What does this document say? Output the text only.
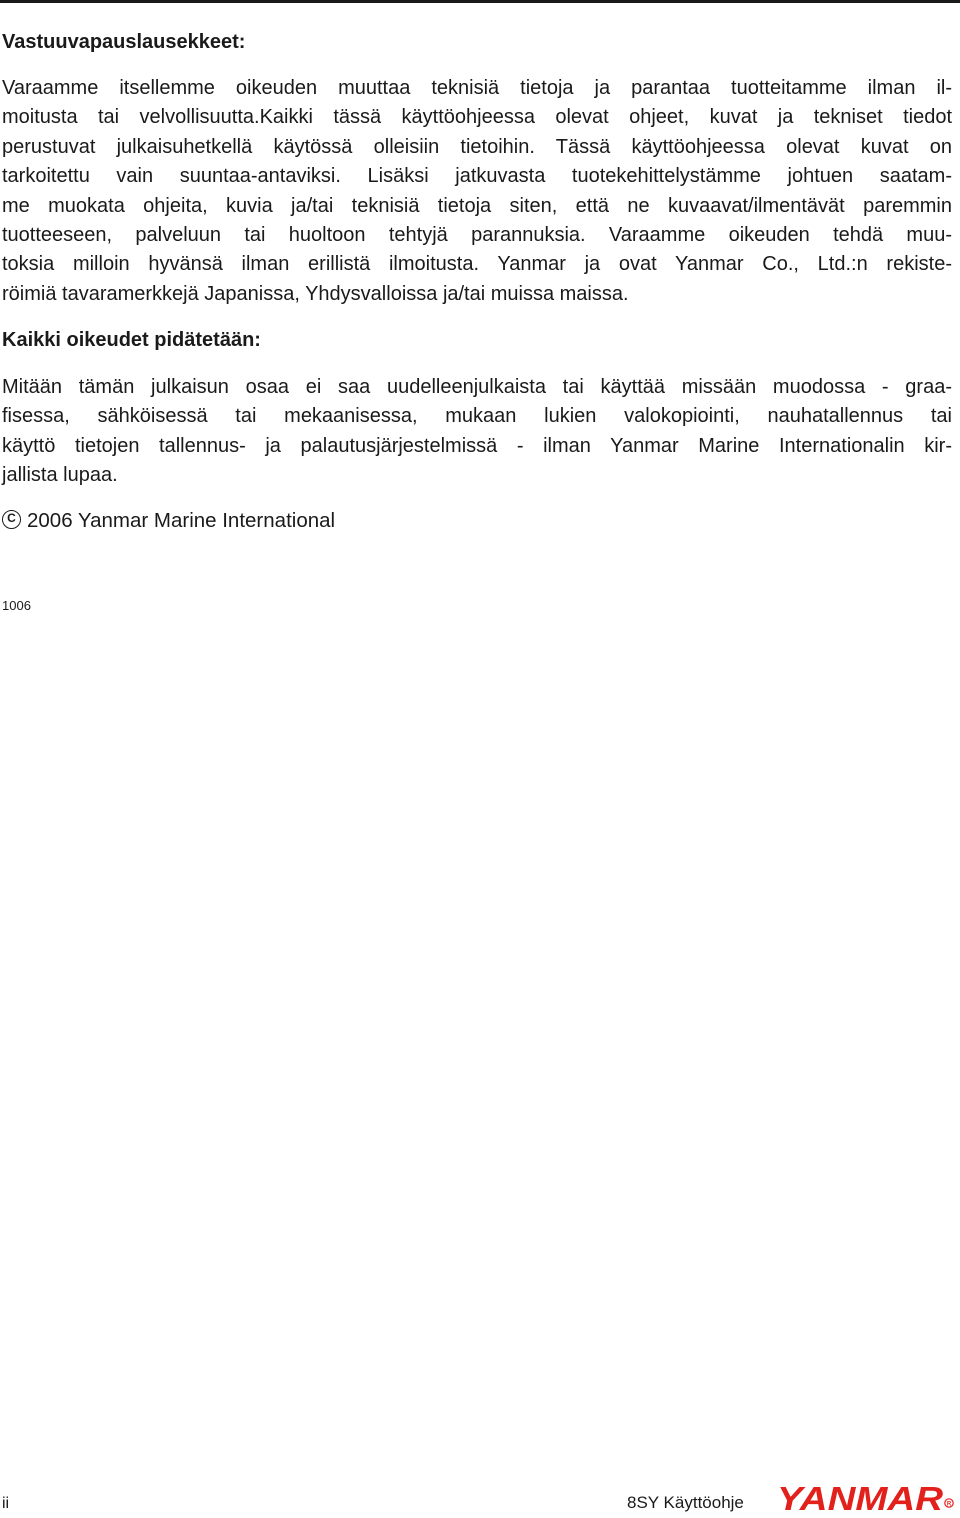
Vastuuvapauslausekkeet:
Varaamme itsellemme oikeuden muuttaa teknisiä tietoja ja parantaa tuotteitamme ilman il-
moitusta tai velvollisuutta.Kaikki tässä käyttöohjeessa olevat ohjeet, kuvat ja tekniset tiedot
perustuvat julkaisuhetkellä käytössä olleisiin tietoihin. Tässä käyttöohjeessa olevat kuvat on
tarkoitettu vain suuntaa-antaviksi. Lisäksi jatkuvasta tuotekehittelystämme johtuen saatam-
me muokata ohjeita, kuvia ja/tai teknisiä tietoja siten, että ne kuvaavat/ilmentävät paremmin
tuotteeseen, palveluun tai huoltoon tehtyjä parannuksia. Varaamme oikeuden tehdä muu-
toksia milloin hyvänsä ilman erillistä ilmoitusta. Yanmar ja ovat Yanmar Co., Ltd.:n rekiste-
röimiä tavaramerkkejä Japanissa, Yhdysvalloissa ja/tai muissa maissa.
Kaikki oikeudet pidätetään:
Mitään tämän julkaisun osaa ei saa uudelleenjulkaista tai käyttää missään muodossa - graa-
fisessa, sähköisessä tai mekaanisessa, mukaan lukien valokopiointi, nauhatallennus tai
käyttö tietojen tallennus- ja palautusjärjestelmissä - ilman Yanmar Marine Internationalin kir-
jallista lupaa.
C2006 Yanmar Marine International
1006
ii	8SY Käyttöohje YANMAR R
